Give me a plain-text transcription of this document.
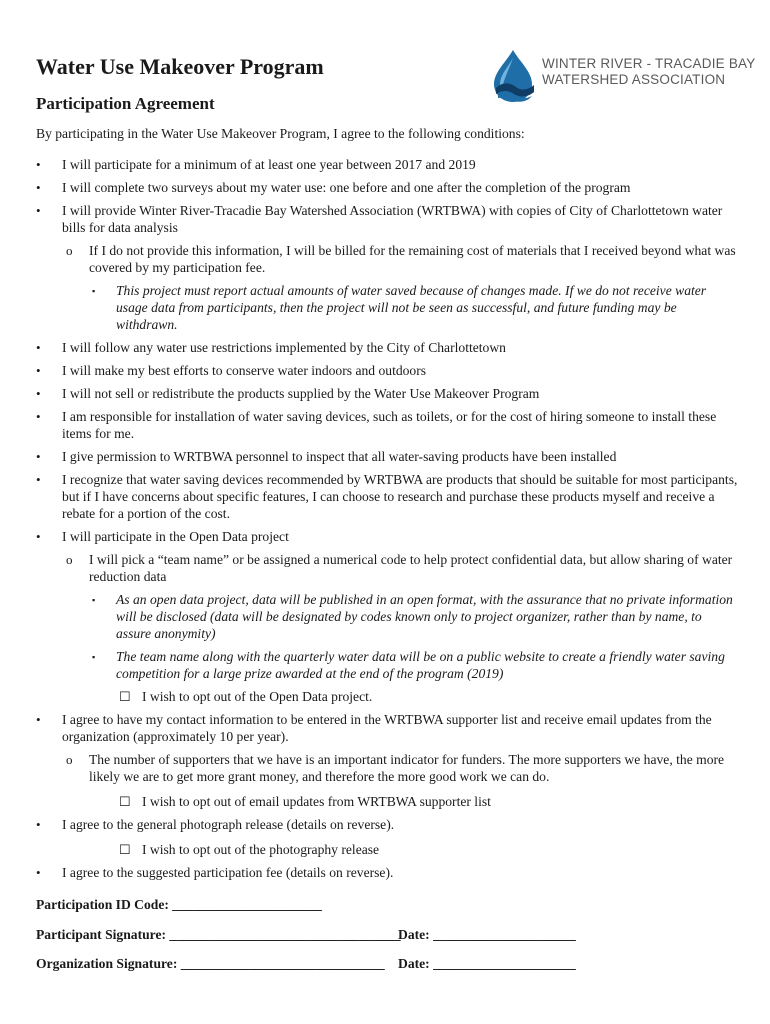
Water Use Makeover Program
Participation Agreement
WINTER RIVER - TRACADIE BAY
WATERSHED ASSOCIATION
By participating in the Water Use Makeover Program, I agree to the following conditions:
• I will participate for a minimum of at least one year between 2017 and 2019
• I will complete two surveys about my water use: one before and one after the completion of the program
• I will provide Winter River-Tracadie Bay Watershed Association (WRTBWA) with copies of City of Charlottetown water bills for data analysis
o If I do not provide this information, I will be billed for the remaining cost of materials that I received beyond what was covered by my participation fee.
▪ This project must report actual amounts of water saved because of changes made. If we do not receive water usage data from participants, then the project will not be seen as successful, and future funding may be withdrawn.
• I will follow any water use restrictions implemented by the City of Charlottetown
• I will make my best efforts to conserve water indoors and outdoors
• I will not sell or redistribute the products supplied by the Water Use Makeover Program
• I am responsible for installation of water saving devices, such as toilets, or for the cost of hiring someone to install these items for me.
• I give permission to WRTBWA personnel to inspect that all water-saving products have been installed
• I recognize that water saving devices recommended by WRTBWA are products that should be suitable for most participants, but if I have concerns about specific features, I can choose to research and purchase these products myself and receive a rebate for a portion of the cost.
• I will participate in the Open Data project
o I will pick a “team name” or be assigned a numerical code to help protect confidential data, but allow sharing of water reduction data
▪ As an open data project, data will be published in an open format, with the assurance that no private information will be disclosed (data will be designated by codes known only to project organizer, rather than by name, to assure anonymity)
▪ The team name along with the quarterly water data will be on a public website to create a friendly water saving competition for a large prize awarded at the end of the program (2019)
☐ I wish to opt out of the Open Data project.
• I agree to have my contact information to be entered in the WRTBWA supporter list and receive email updates from the organization (approximately 10 per year).
o The number of supporters that we have is an important indicator for funders. The more supporters we have, the more likely we are to get more grant money, and therefore the more good work we can do.
☐ I wish to opt out of email updates from WRTBWA supporter list
• I agree to the general photograph release (details on reverse).
☐ I wish to opt out of the photography release
• I agree to the suggested participation fee (details on reverse).
Participation ID Code: ______________________
Participant Signature: __________________________________
Date: _____________________
Organization Signature: ______________________________ Date: _____________________
